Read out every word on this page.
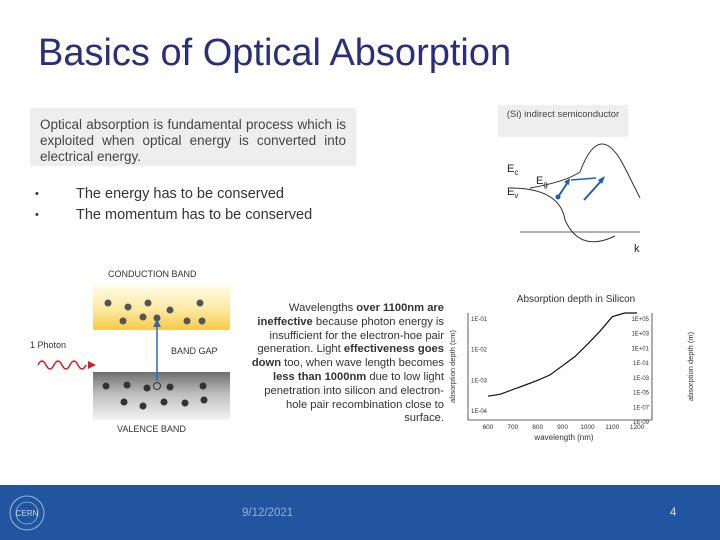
Basics of Optical Absorption
Optical absorption is fundamental process which is exploited when optical energy is converted into electrical energy.
•	The energy has to be conserved
•	The momentum has to be conserved
(Si) indirect semiconductor
$E_c$
$E_v$
$E_g$
k
CONDUCTION BAND
BAND GAP
VALENCE BAND
1 Photon
Wavelengths over 1100nm are ineffective because photon energy is insufficient for the electron-hoe pair generation. Light effectiveness goes down too, when wave length becomes less than 1000nm due to low light penetration into silicon and electron-hole pair recombination close to surface.
Absorption depth in Silicon
absorption depth (cm)	absorption depth (m)
wavelength (nm)
600 700 800 900 1000 1100 1200
1E-01
1E-02
1E-03
1E-04
1E+05
1E+03
1E+01
1E-01
1E-03
1E-05
1E-07
1E-09
CERN	9/12/2021	4
